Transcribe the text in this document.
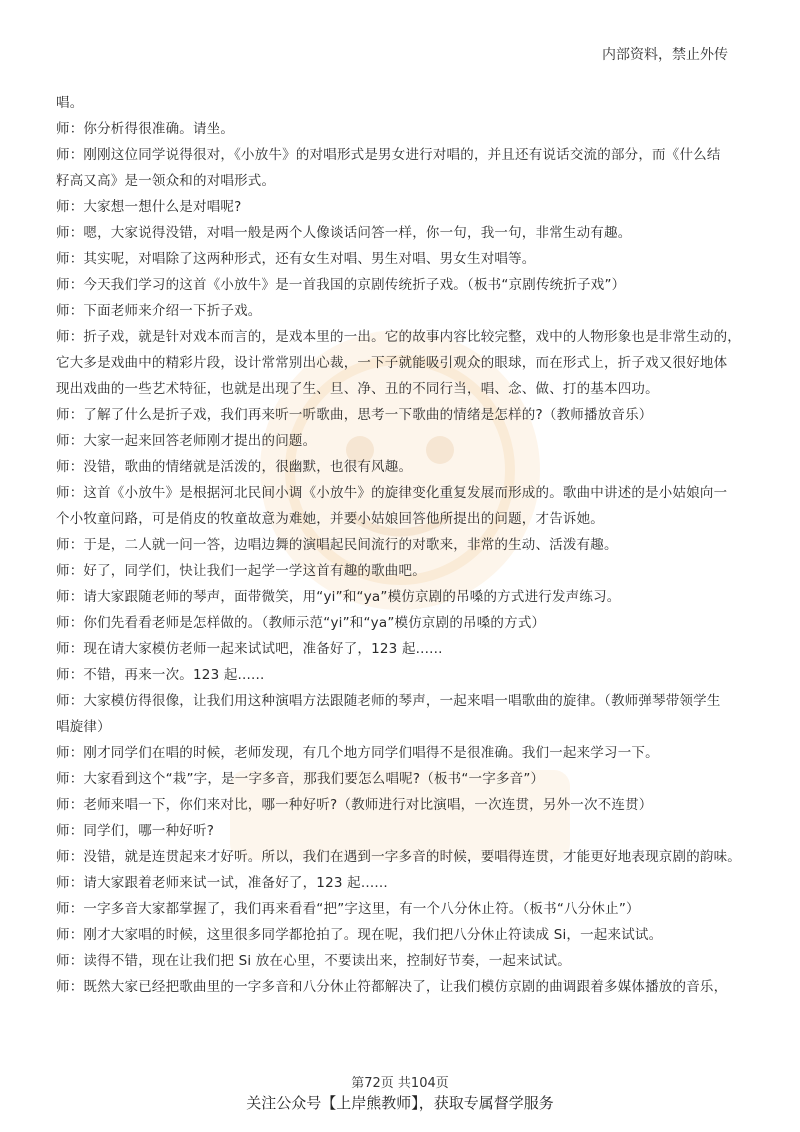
内部资料，禁止外传

唱。

师：你分析得很准确。请坐。

师：刚刚这位同学说得很对，《小放牛》的对唱形式是男女进行对唱的，并且还有说话交流的部分，而《什么结

籽高又高》是一领众和的对唱形式。

师：大家想一想什么是对唱呢?

师：嗯，大家说得没错，对唱一般是两个人像谈话问答一样，你一句，我一句，非常生动有趣。

师：其实呢，对唱除了这两种形式，还有女生对唱、男生对唱、男女生对唱等。

师：今天我们学习的这首《小放牛》是一首我国的京剧传统折子戏。（板书“京剧传统折子戏”）

师：下面老师来介绍一下折子戏。

师：折子戏，就是针对戏本而言的，是戏本里的一出。它的故事内容比较完整，戏中的人物形象也是非常生动的，

它大多是戏曲中的精彩片段，设计常常别出心裁，一下子就能吸引观众的眼球，而在形式上，折子戏又很好地体

现出戏曲的一些艺术特征，也就是出现了生、旦、净、丑的不同行当，唱、念、做、打的基本四功。

师：了解了什么是折子戏，我们再来听一听歌曲，思考一下歌曲的情绪是怎样的?（教师播放音乐）

师：大家一起来回答老师刚才提出的问题。

师：没错，歌曲的情绪就是活泼的，很幽默，也很有风趣。

师：这首《小放牛》是根据河北民间小调《小放牛》的旋律变化重复发展而形成的。歌曲中讲述的是小姑娘向一

个小牧童问路，可是俏皮的牧童故意为难她，并要小姑娘回答他所提出的问题，才告诉她。

师：于是，二人就一问一答，边唱边舞的演唱起民间流行的对歌来，非常的生动、活泼有趣。

师：好了，同学们，快让我们一起学一学这首有趣的歌曲吧。

师：请大家跟随老师的琴声，面带微笑，用“yi”和“ya”模仿京剧的吊嗓的方式进行发声练习。

师：你们先看看老师是怎样做的。（教师示范“yi”和“ya”模仿京剧的吊嗓的方式）

师：现在请大家模仿老师一起来试试吧，准备好了，123 起......

师：不错，再来一次。123 起......

师：大家模仿得很像，让我们用这种演唱方法跟随老师的琴声，一起来唱一唱歌曲的旋律。（教师弹琴带领学生

唱旋律）

师：刚才同学们在唱的时候，老师发现，有几个地方同学们唱得不是很准确。我们一起来学习一下。

师：大家看到这个“栽”字，是一字多音，那我们要怎么唱呢?（板书“一字多音”）

师：老师来唱一下，你们来对比，哪一种好听?（教师进行对比演唱，一次连贯，另外一次不连贯）

师：同学们，哪一种好听?

师：没错，就是连贯起来才好听。所以，我们在遇到一字多音的时候，要唱得连贯，才能更好地表现京剧的韵味。

师：请大家跟着老师来试一试，准备好了，123 起......

师：一字多音大家都掌握了，我们再来看看“把”字这里，有一个八分休止符。（板书“八分休止”）

师：刚才大家唱的时候，这里很多同学都抢拍了。现在呢，我们把八分休止符读成 Si，一起来试试。

师：读得不错，现在让我们把 Si 放在心里，不要读出来，控制好节奏，一起来试试。

师：既然大家已经把歌曲里的一字多音和八分休止符都解决了，让我们模仿京剧的曲调跟着多媒体播放的音乐，

第72页 共104页
关注公众号【上岸熊教师】，获取专属督学服务
